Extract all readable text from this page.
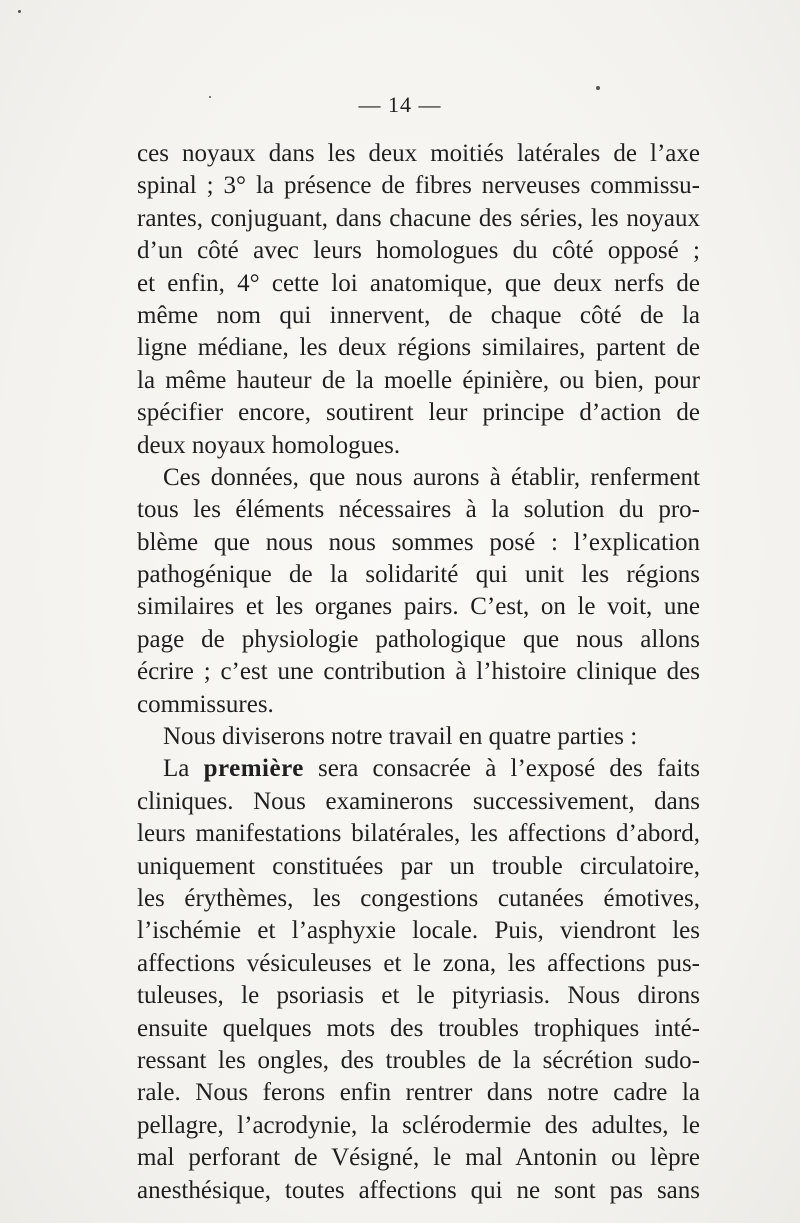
— 14 —
ces noyaux dans les deux moitiés latérales de l’axe
spinal ; 3° la présence de fibres nerveuses commissu-
rantes, conjuguant, dans chacune des séries, les noyaux
d’un côté avec leurs homologues du côté opposé ;
et enfin, 4° cette loi anatomique, que deux nerfs de
même nom qui innervent, de chaque côté de la
ligne médiane, les deux régions similaires, partent de
la même hauteur de la moelle épinière, ou bien, pour
spécifier encore, soutirent leur principe d’action de
deux noyaux homologues.
Ces données, que nous aurons à établir, renferment
tous les éléments nécessaires à la solution du pro-
blème que nous nous sommes posé : l’explication
pathogénique de la solidarité qui unit les régions
similaires et les organes pairs. C’est, on le voit, une
page de physiologie pathologique que nous allons
écrire ; c’est une contribution à l’histoire clinique des
commissures.
Nous diviserons notre travail en quatre parties :
La première sera consacrée à l’exposé des faits
cliniques. Nous examinerons successivement, dans
leurs manifestations bilatérales, les affections d’abord,
uniquement constituées par un trouble circulatoire,
les érythèmes, les congestions cutanées émotives,
l’ischémie et l’asphyxie locale. Puis, viendront les
affections vésiculeuses et le zona, les affections pus-
tuleuses, le psoriasis et le pityriasis. Nous dirons
ensuite quelques mots des troubles trophiques inté-
ressant les ongles, des troubles de la sécrétion sudo-
rale. Nous ferons enfin rentrer dans notre cadre la
pellagre, l’acrodynie, la sclérodermie des adultes, le
mal perforant de Vésigné, le mal Antonin ou lèpre
anesthésique, toutes affections qui ne sont pas sans
